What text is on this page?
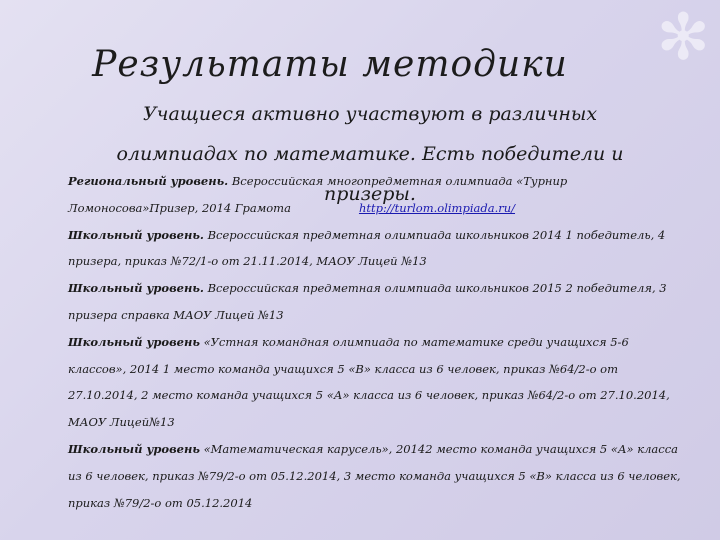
✻
Результаты методики
Учащиеся активно участвуют в различных олимпиадах по математике. Есть победители и призеры.

Региональный уровень. Всероссийская многопредметная олимпиада «Турнир Ломоносова»Призер, 2014 Грамота	http://turlom.olimpiada.ru/

Школьный уровень. Всероссийская предметная олимпиада школьников 2014 1 победитель, 4 призера, приказ №72/1-о от 21.11.2014, МАОУ Лицей №13

Школьный уровень. Всероссийская предметная олимпиада школьников 2015 2 победителя, 3 призера справка МАОУ Лицей №13

Школьный уровень «Устная командная олимпиада по математике среди учащихся 5-6 классов», 2014 1 место команда учащихся 5 «В» класса из 6 человек, приказ №64/2-о от 27.10.2014, 2 место команда учащихся 5 «А» класса из 6 человек, приказ №64/2-о от 27.10.2014, МАОУ Лицей№13

Школьный уровень «Математическая карусель», 20142 место команда учащихся 5 «А» класса из 6 человек, приказ №79/2-о от 05.12.2014, 3 место команда учащихся 5 «В» класса из 6 человек, приказ №79/2-о от 05.12.2014
